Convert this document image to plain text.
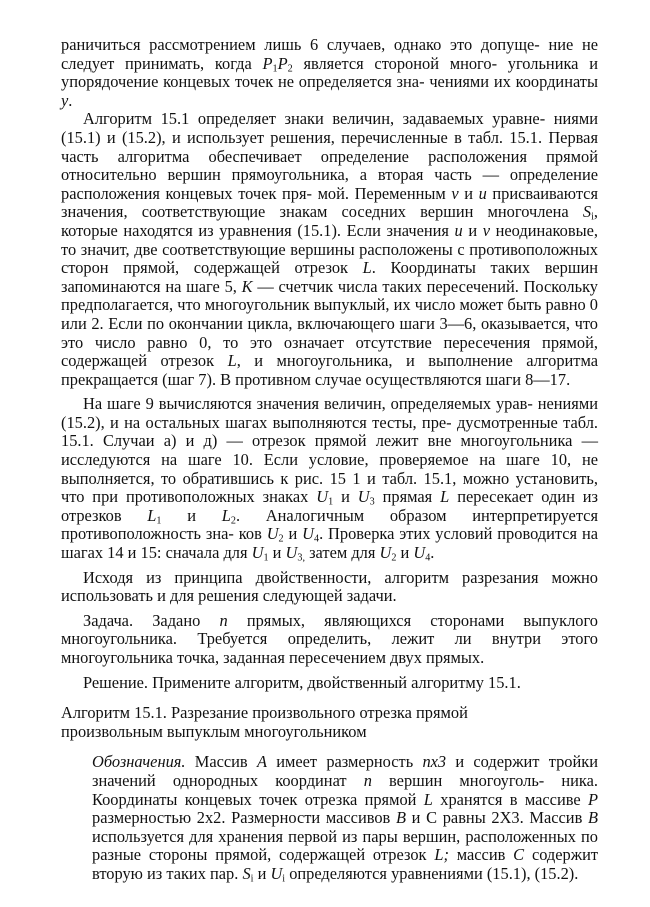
раничиться рассмотрением лишь 6 случаев, однако это допуще- ние не следует принимать, когда $P_1P_2$ является стороной много- угольника и упорядочение концевых точек не определяется зна- чениями их координаты y.

Алгоритм 15.1 определяет знаки величин, задаваемых уравне- ниями (15.1) и (15.2), и использует решения, перечисленные в табл. 15.1. Первая часть алгоритма обеспечивает определение расположения прямой относительно вершин прямоугольника, а вторая часть — определение расположения концевых точек пря- мой. Переменным v и u присваиваются значения, соответствующие знакам соседних вершин многочлена $S_i$, которые находятся из уравнения (15.1). Если значения u и v неодинаковые, то значит, две соответствующие вершины расположены с противоположных сторон прямой, содержащей отрезок L. Координаты таких вершин запоминаются на шаге 5, K — счетчик числа таких пересечений. Поскольку предполагается, что многоугольник выпуклый, их число может быть равно 0 или 2. Если по окончании цикла, включающего шаги 3—6, оказывается, что это число равно 0, то это означает отсутствие пересечения прямой, содержащей отрезок L, и многоугольника, и выполнение алгоритма прекращается (шаг 7). В противном случае осуществляются шаги 8—17.

На шаге 9 вычисляются значения величин, определяемых урав- нениями (15.2), и на остальных шагах выполняются тесты, пре- дусмотренные табл. 15.1. Случаи а) и д) — отрезок прямой лежит вне многоугольника — исследуются на шаге 10. Если условие, проверяемое на шаге 10, не выполняется, то обратившись к рис. 15 1 и табл. 15.1, можно установить, что при противоположных знаках $U_1$ и $U_3$ прямая L пересекает один из отрезков $L_1$ и $L_2$. Аналогичным образом интерпретируется противоположность зна- ков $U_2$ и $U_4$. Проверка этих условий проводится на шагах 14 и 15: сначала для $U_1$ и $U_{3,}$ затем для $U_2$ и $U_4$.

Исходя из принципа двойственности, алгоритм разрезания можно использовать и для решения следующей задачи.

Задача. Задано n прямых, являющихся сторонами выпуклого многоугольника. Требуется определить, лежит ли внутри этого многоугольника точка, заданная пересечением двух прямых.

Решение. Примените алгоритм, двойственный алгоритму 15.1.

Алгоритм 15.1. Разрезание произвольного отрезка прямой
произвольным выпуклым многоугольником

Обозначения. Массив A имеет размерность nx3 и содержит тройки значений однородных координат n вершин многоуголь- ника. Координаты концевых точек отрезка прямой L хранятся в массиве P размерностью 2х2. Размерности массивов B и С равны 2Х3. Массив B используется для хранения первой из пары вершин, расположенных по разные стороны прямой, содержащей отрезок L; массив C содержит вторую из таких пар. $S_i$ и $U_i$ определяются уравнениями (15.1), (15.2).
